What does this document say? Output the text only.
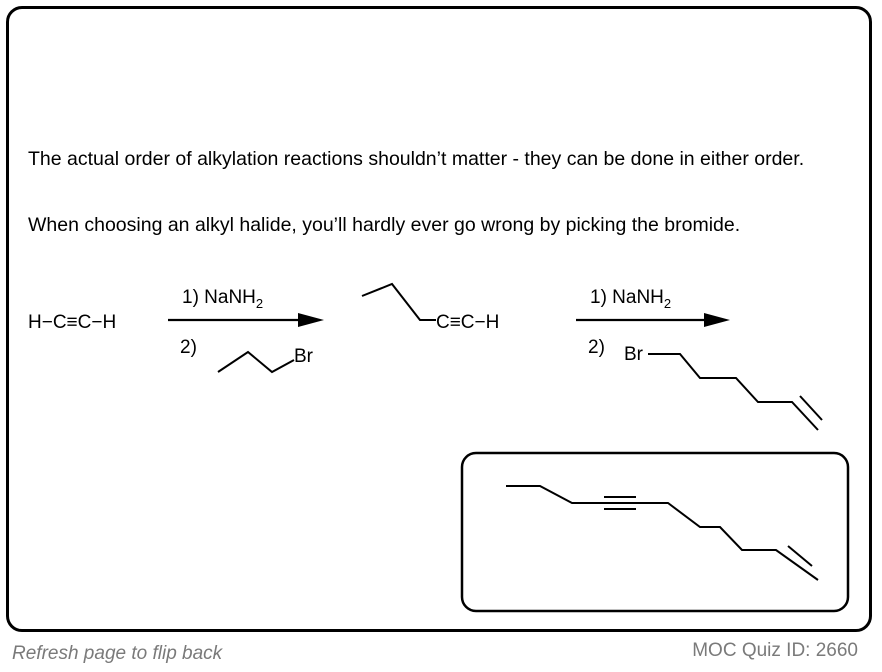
The actual order of alkylation reactions shouldn’t matter - they can be done in either order.

When choosing an alkyl halide, you’ll hardly ever go wrong by picking the bromide.

H−C≡C−H
1) NaNH$_2$
2)	Br
C≡C−H
1) NaNH$_2$
2) Br
Refresh page to flip back	MOC Quiz ID: 2660
